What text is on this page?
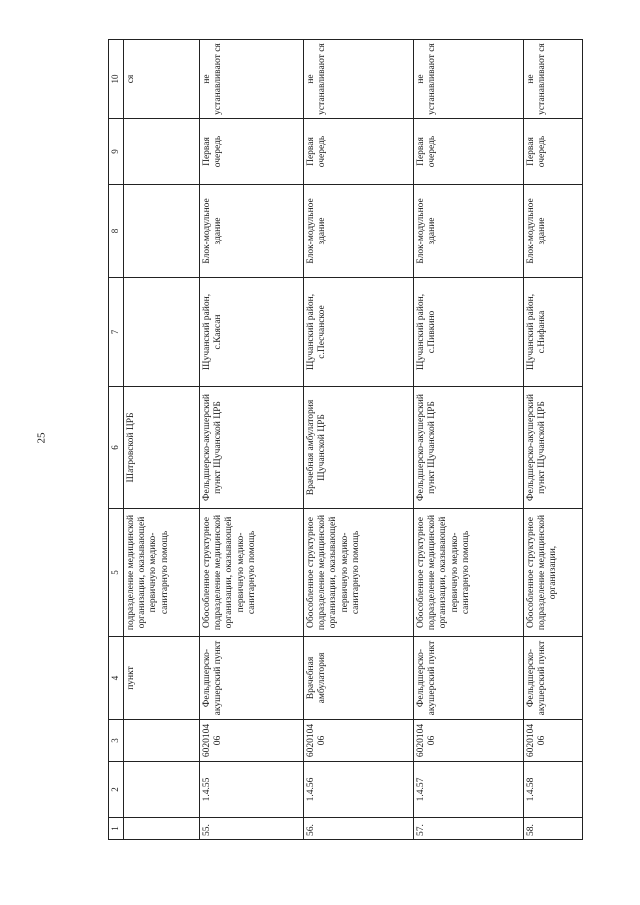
25
1	2	3	4	5	6	7	8	9	10
			пункт	подразделение медицинской организации, оказывающей первичную медико-санитарную помощь	Шатровской ЦРБ				ся
55.	1.4.55	6020104 06	Фельдшерско-акушерский пункт	Обособленное структурное подразделение медицинской организации, оказывающей первичную медико-санитарную помощь	Фельдшерско-акушерский пункт Щучанской ЦРБ	Щучанский район, с.Каясан	Блок-модульное здание	Первая очередь	не устанавливают ся
56.	1.4.56	6020104 06	Врачебная амбулатория	Обособленное структурное подразделение медицинской организации, оказывающей первичную медико-санитарную помощь	Врачебная амбулатория Щучанской ЦРБ	Щучанский район, с.Песчанское	Блок-модульное здание	Первая очередь	не устанавливают ся
57.	1.4.57	6020104 06	Фельдшерско-акушерский пункт	Обособленное структурное подразделение медицинской организации, оказывающей первичную медико-санитарную помощь	Фельдшерско-акушерский пункт Щучанской ЦРБ	Щучанский район, с.Пивкино	Блок-модульное здание	Первая очередь	не устанавливают ся
58.	1.4.58	6020104 06	Фельдшерско-акушерский пункт	Обособленное структурное подразделение медицинской организации,	Фельдшерско-акушерский пункт Щучанской ЦРБ	Щучанский район, с.Нифанка	Блок-модульное здание	Первая очередь	не устанавливают ся
